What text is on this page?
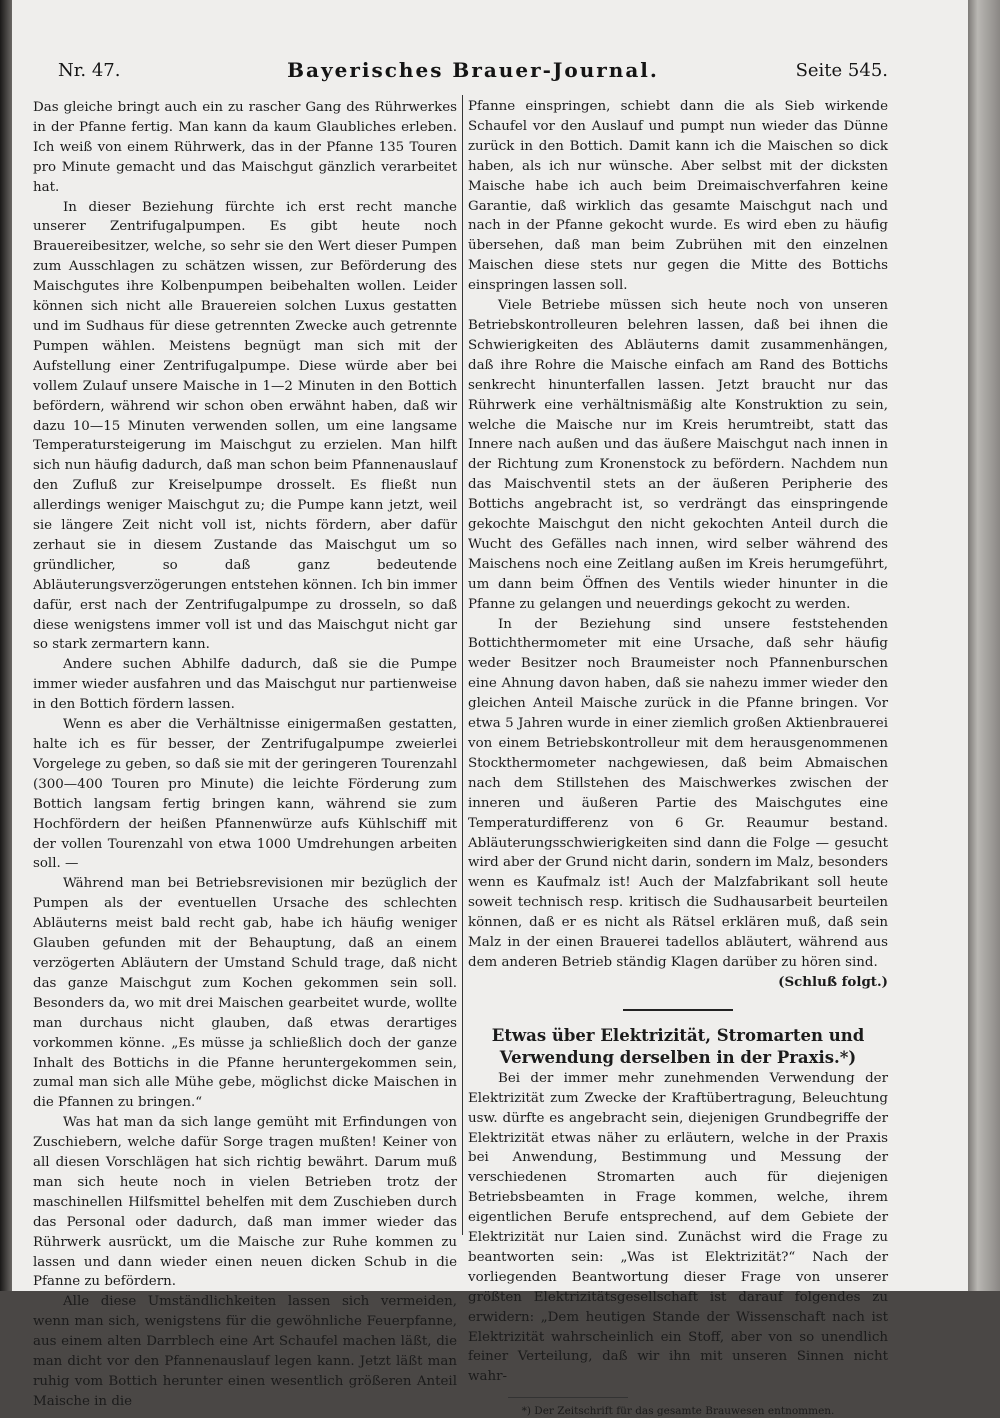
Nr. 47.	Bayerisches Brauer-Journal.	Seite 545.

Das gleiche bringt auch ein zu rascher Gang des Rührwerkes in der Pfanne fertig. Man kann da kaum Glaubliches erleben. Ich weiß von einem Rührwerk, das in der Pfanne 135 Touren pro Minute gemacht und das Maischgut gänzlich verarbeitet hat.

In dieser Beziehung fürchte ich erst recht manche unserer Zentrifugalpumpen. Es gibt heute noch Brauereibesitzer, welche, so sehr sie den Wert dieser Pumpen zum Ausschlagen zu schätzen wissen, zur Beförderung des Maischgutes ihre Kolbenpumpen beibehalten wollen. Leider können sich nicht alle Brauereien solchen Luxus gestatten und im Sudhaus für diese getrennten Zwecke auch getrennte Pumpen wählen. Meistens begnügt man sich mit der Aufstellung einer Zentrifugalpumpe. Diese würde aber bei vollem Zulauf unsere Maische in 1—2 Minuten in den Bottich befördern, während wir schon oben erwähnt haben, daß wir dazu 10—15 Minuten verwenden sollen, um eine langsame Temperatursteigerung im Maischgut zu erzielen. Man hilft sich nun häufig dadurch, daß man schon beim Pfannenauslauf den Zufluß zur Kreiselpumpe drosselt. Es fließt nun allerdings weniger Maischgut zu; die Pumpe kann jetzt, weil sie längere Zeit nicht voll ist, nichts fördern, aber dafür zerhaut sie in diesem Zustande das Maischgut um so gründlicher, so daß ganz bedeutende Abläuterungsverzögerungen entstehen können. Ich bin immer dafür, erst nach der Zentrifugalpumpe zu drosseln, so daß diese wenigstens immer voll ist und das Maischgut nicht gar so stark zermartern kann.

Andere suchen Abhilfe dadurch, daß sie die Pumpe immer wieder ausfahren und das Maischgut nur partienweise in den Bottich fördern lassen.

Wenn es aber die Verhältnisse einigermaßen gestatten, halte ich es für besser, der Zentrifugalpumpe zweierlei Vorgelege zu geben, so daß sie mit der geringeren Tourenzahl (300—400 Touren pro Minute) die leichte Förderung zum Bottich langsam fertig bringen kann, während sie zum Hochfördern der heißen Pfannenwürze aufs Kühlschiff mit der vollen Tourenzahl von etwa 1000 Umdrehungen arbeiten soll. —

Während man bei Betriebsrevisionen mir bezüglich der Pumpen als der eventuellen Ursache des schlechten Abläuterns meist bald recht gab, habe ich häufig weniger Glauben gefunden mit der Behauptung, daß an einem verzögerten Abläutern der Umstand Schuld trage, daß nicht das ganze Maischgut zum Kochen gekommen sein soll. Besonders da, wo mit drei Maischen gearbeitet wurde, wollte man durchaus nicht glauben, daß etwas derartiges vorkommen könne. „Es müsse ja schließlich doch der ganze Inhalt des Bottichs in die Pfanne heruntergekommen sein, zumal man sich alle Mühe gebe, möglichst dicke Maischen in die Pfannen zu bringen.“

Was hat man da sich lange gemüht mit Erfindungen von Zuschiebern, welche dafür Sorge tragen mußten! Keiner von all diesen Vorschlägen hat sich richtig bewährt. Darum muß man sich heute noch in vielen Betrieben trotz der maschinellen Hilfsmittel behelfen mit dem Zuschieben durch das Personal oder dadurch, daß man immer wieder das Rührwerk ausrückt, um die Maische zur Ruhe kommen zu lassen und dann wieder einen neuen dicken Schub in die Pfanne zu befördern.

Alle diese Umständlichkeiten lassen sich vermeiden, wenn man sich, wenigstens für die gewöhnliche Feuerpfanne, aus einem alten Darrblech eine Art Schaufel machen läßt, die man dicht vor den Pfannenauslauf legen kann. Jetzt läßt man ruhig vom Bottich herunter einen wesentlich größeren Anteil Maische in die

Pfanne einspringen, schiebt dann die als Sieb wirkende Schaufel vor den Auslauf und pumpt nun wieder das Dünne zurück in den Bottich. Damit kann ich die Maischen so dick haben, als ich nur wünsche. Aber selbst mit der dicksten Maische habe ich auch beim Dreimaischverfahren keine Garantie, daß wirklich das gesamte Maischgut nach und nach in der Pfanne gekocht wurde. Es wird eben zu häufig übersehen, daß man beim Zubrühen mit den einzelnen Maischen diese stets nur gegen die Mitte des Bottichs einspringen lassen soll.

Viele Betriebe müssen sich heute noch von unseren Betriebskontrolleuren belehren lassen, daß bei ihnen die Schwierigkeiten des Abläuterns damit zusammenhängen, daß ihre Rohre die Maische einfach am Rand des Bottichs senkrecht hinunterfallen lassen. Jetzt braucht nur das Rührwerk eine verhältnismäßig alte Konstruktion zu sein, welche die Maische nur im Kreis herumtreibt, statt das Innere nach außen und das äußere Maischgut nach innen in der Richtung zum Kronenstock zu befördern. Nachdem nun das Maischventil stets an der äußeren Peripherie des Bottichs angebracht ist, so verdrängt das einspringende gekochte Maischgut den nicht gekochten Anteil durch die Wucht des Gefälles nach innen, wird selber während des Maischens noch eine Zeitlang außen im Kreis herumgeführt, um dann beim Öffnen des Ventils wieder hinunter in die Pfanne zu gelangen und neuerdings gekocht zu werden.

In der Beziehung sind unsere feststehenden Bottichthermometer mit eine Ursache, daß sehr häufig weder Besitzer noch Braumeister noch Pfannenburschen eine Ahnung davon haben, daß sie nahezu immer wieder den gleichen Anteil Maische zurück in die Pfanne bringen. Vor etwa 5 Jahren wurde in einer ziemlich großen Aktienbrauerei von einem Betriebskontrolleur mit dem herausgenommenen Stockthermometer nachgewiesen, daß beim Abmaischen nach dem Stillstehen des Maischwerkes zwischen der inneren und äußeren Partie des Maischgutes eine Temperaturdifferenz von 6 Gr. Reaumur bestand. Abläuterungsschwierigkeiten sind dann die Folge — gesucht wird aber der Grund nicht darin, sondern im Malz, besonders wenn es Kaufmalz ist! Auch der Malzfabrikant soll heute soweit technisch resp. kritisch die Sudhausarbeit beurteilen können, daß er es nicht als Rätsel erklären muß, daß sein Malz in der einen Brauerei tadellos abläutert, während aus dem anderen Betrieb ständig Klagen darüber zu hören sind.

(Schluß folgt.)

Etwas über Elektrizität, Stromarten und Verwendung derselben in der Praxis.*)

Bei der immer mehr zunehmenden Verwendung der Elektrizität zum Zwecke der Kraftübertragung, Beleuchtung usw. dürfte es angebracht sein, diejenigen Grundbegriffe der Elektrizität etwas näher zu erläutern, welche in der Praxis bei Anwendung, Bestimmung und Messung der verschiedenen Stromarten auch für diejenigen Betriebsbeamten in Frage kommen, welche, ihrem eigentlichen Berufe entsprechend, auf dem Gebiete der Elektrizität nur Laien sind. Zunächst wird die Frage zu beantworten sein: „Was ist Elektrizität?“ Nach der vorliegenden Beantwortung dieser Frage von unserer größten Elektrizitätsgesellschaft ist darauf folgendes zu erwidern: „Dem heutigen Stande der Wissenschaft nach ist Elektrizität wahrscheinlich ein Stoff, aber von so unendlich feiner Verteilung, daß wir ihn mit unseren Sinnen nicht wahr-

*) Der Zeitschrift für das gesamte Brauwesen entnommen.
